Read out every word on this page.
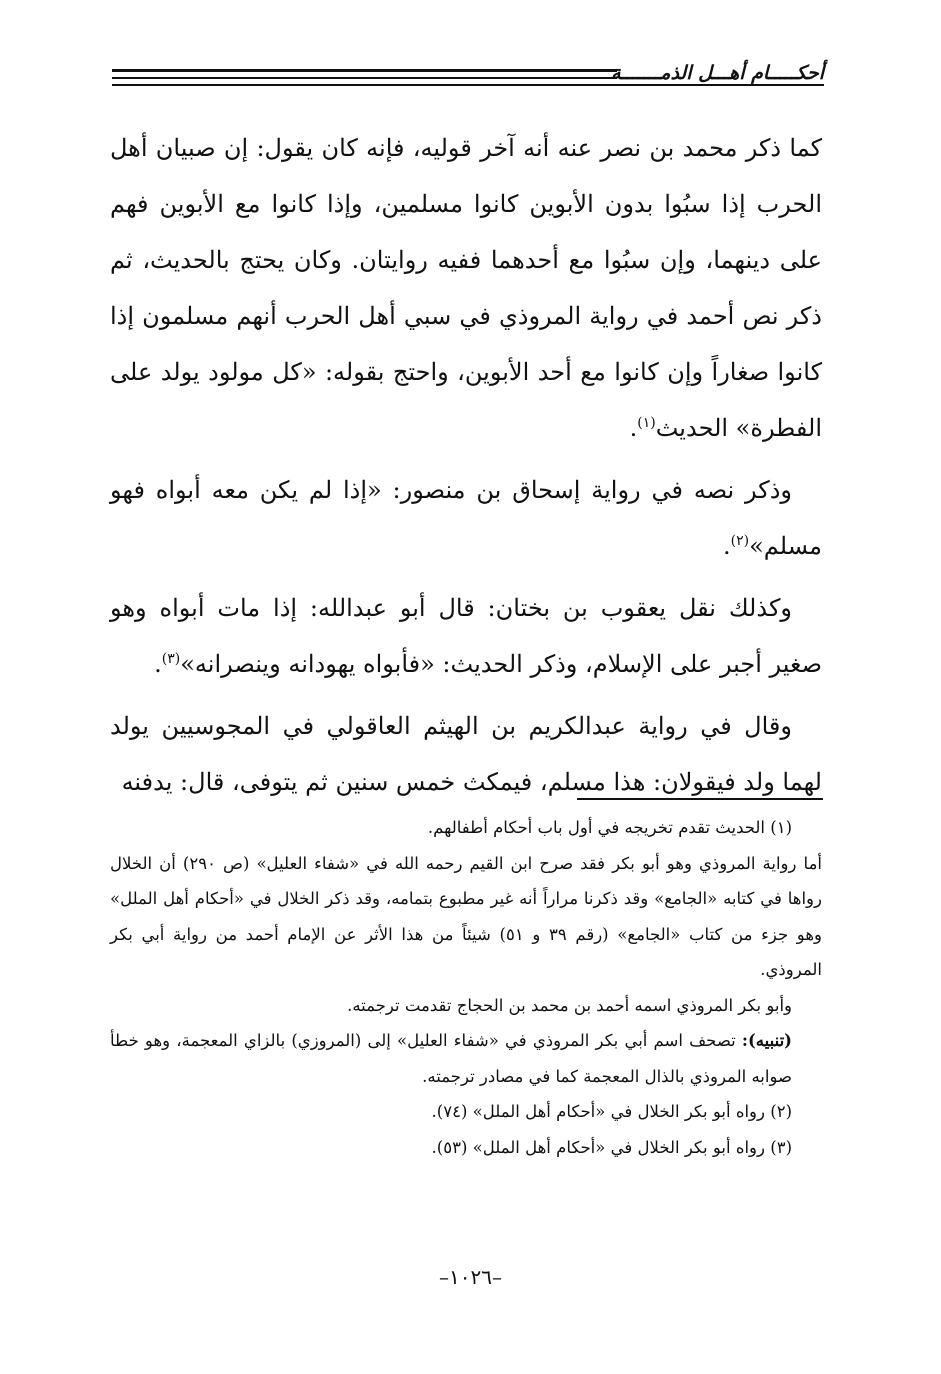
أحكـــــام أهـــل الذمـــــــة

كما ذكر محمد بن نصر عنه أنه آخر قوليه، فإنه كان يقول: إن صبيان أهل الحرب إذا سبُوا بدون الأبوين كانوا مسلمين، وإذا كانوا مع الأبوين فهم على دينهما، وإن سبُوا مع أحدهما ففيه روايتان. وكان يحتج بالحديث، ثم ذكر نص أحمد في رواية المروذي في سبي أهل الحرب أنهم مسلمون إذا كانوا صغاراً وإن كانوا مع أحد الأبوين، واحتج بقوله: «كل مولود يولد على الفطرة» الحديث$^{(١)}$.

وذكر نصه في رواية إسحاق بن منصور: «إذا لم يكن معه أبواه فهو مسلم»$^{(٢)}$.

وكذلك نقل يعقوب بن بختان: قال أبو عبدالله: إذا مات أبواه وهو صغير أجبر على الإسلام، وذكر الحديث: «فأبواه يهودانه وينصرانه»$^{(٣)}$.

وقال في رواية عبدالكريم بن الهيثم العاقولي في المجوسيين يولد لهما ولد فيقولان: هذا مسلم، فيمكث خمس سنين ثم يتوفى، قال: يدفنه

(١) الحديث تقدم تخريجه في أول باب أحكام أطفالهم.

أما رواية المروذي وهو أبو بكر فقد صرح ابن القيم رحمه الله في «شفاء العليل» (ص ٢٩٠) أن الخلال رواها في كتابه «الجامع» وقد ذكرنا مراراً أنه غير مطبوع بتمامه، وقد ذكر الخلال في «أحكام أهل الملل» وهو جزء من كتاب «الجامع» (رقم ٣٩ و ٥١) شيئاً من هذا الأثر عن الإمام أحمد من رواية أبي بكر المروذي.

وأبو بكر المروذي اسمه أحمد بن محمد بن الحجاج تقدمت ترجمته.

(تنبيه): تصحف اسم أبي بكر المروذي في «شفاء العليل» إلى (المروزي) بالزاي المعجمة، وهو خطأ صوابه المروذي بالذال المعجمة كما في مصادر ترجمته.

(٢) رواه أبو بكر الخلال في «أحكام أهل الملل» (٧٤).

(٣) رواه أبو بكر الخلال في «أحكام أهل الملل» (٥٣).

–١٠٢٦–
